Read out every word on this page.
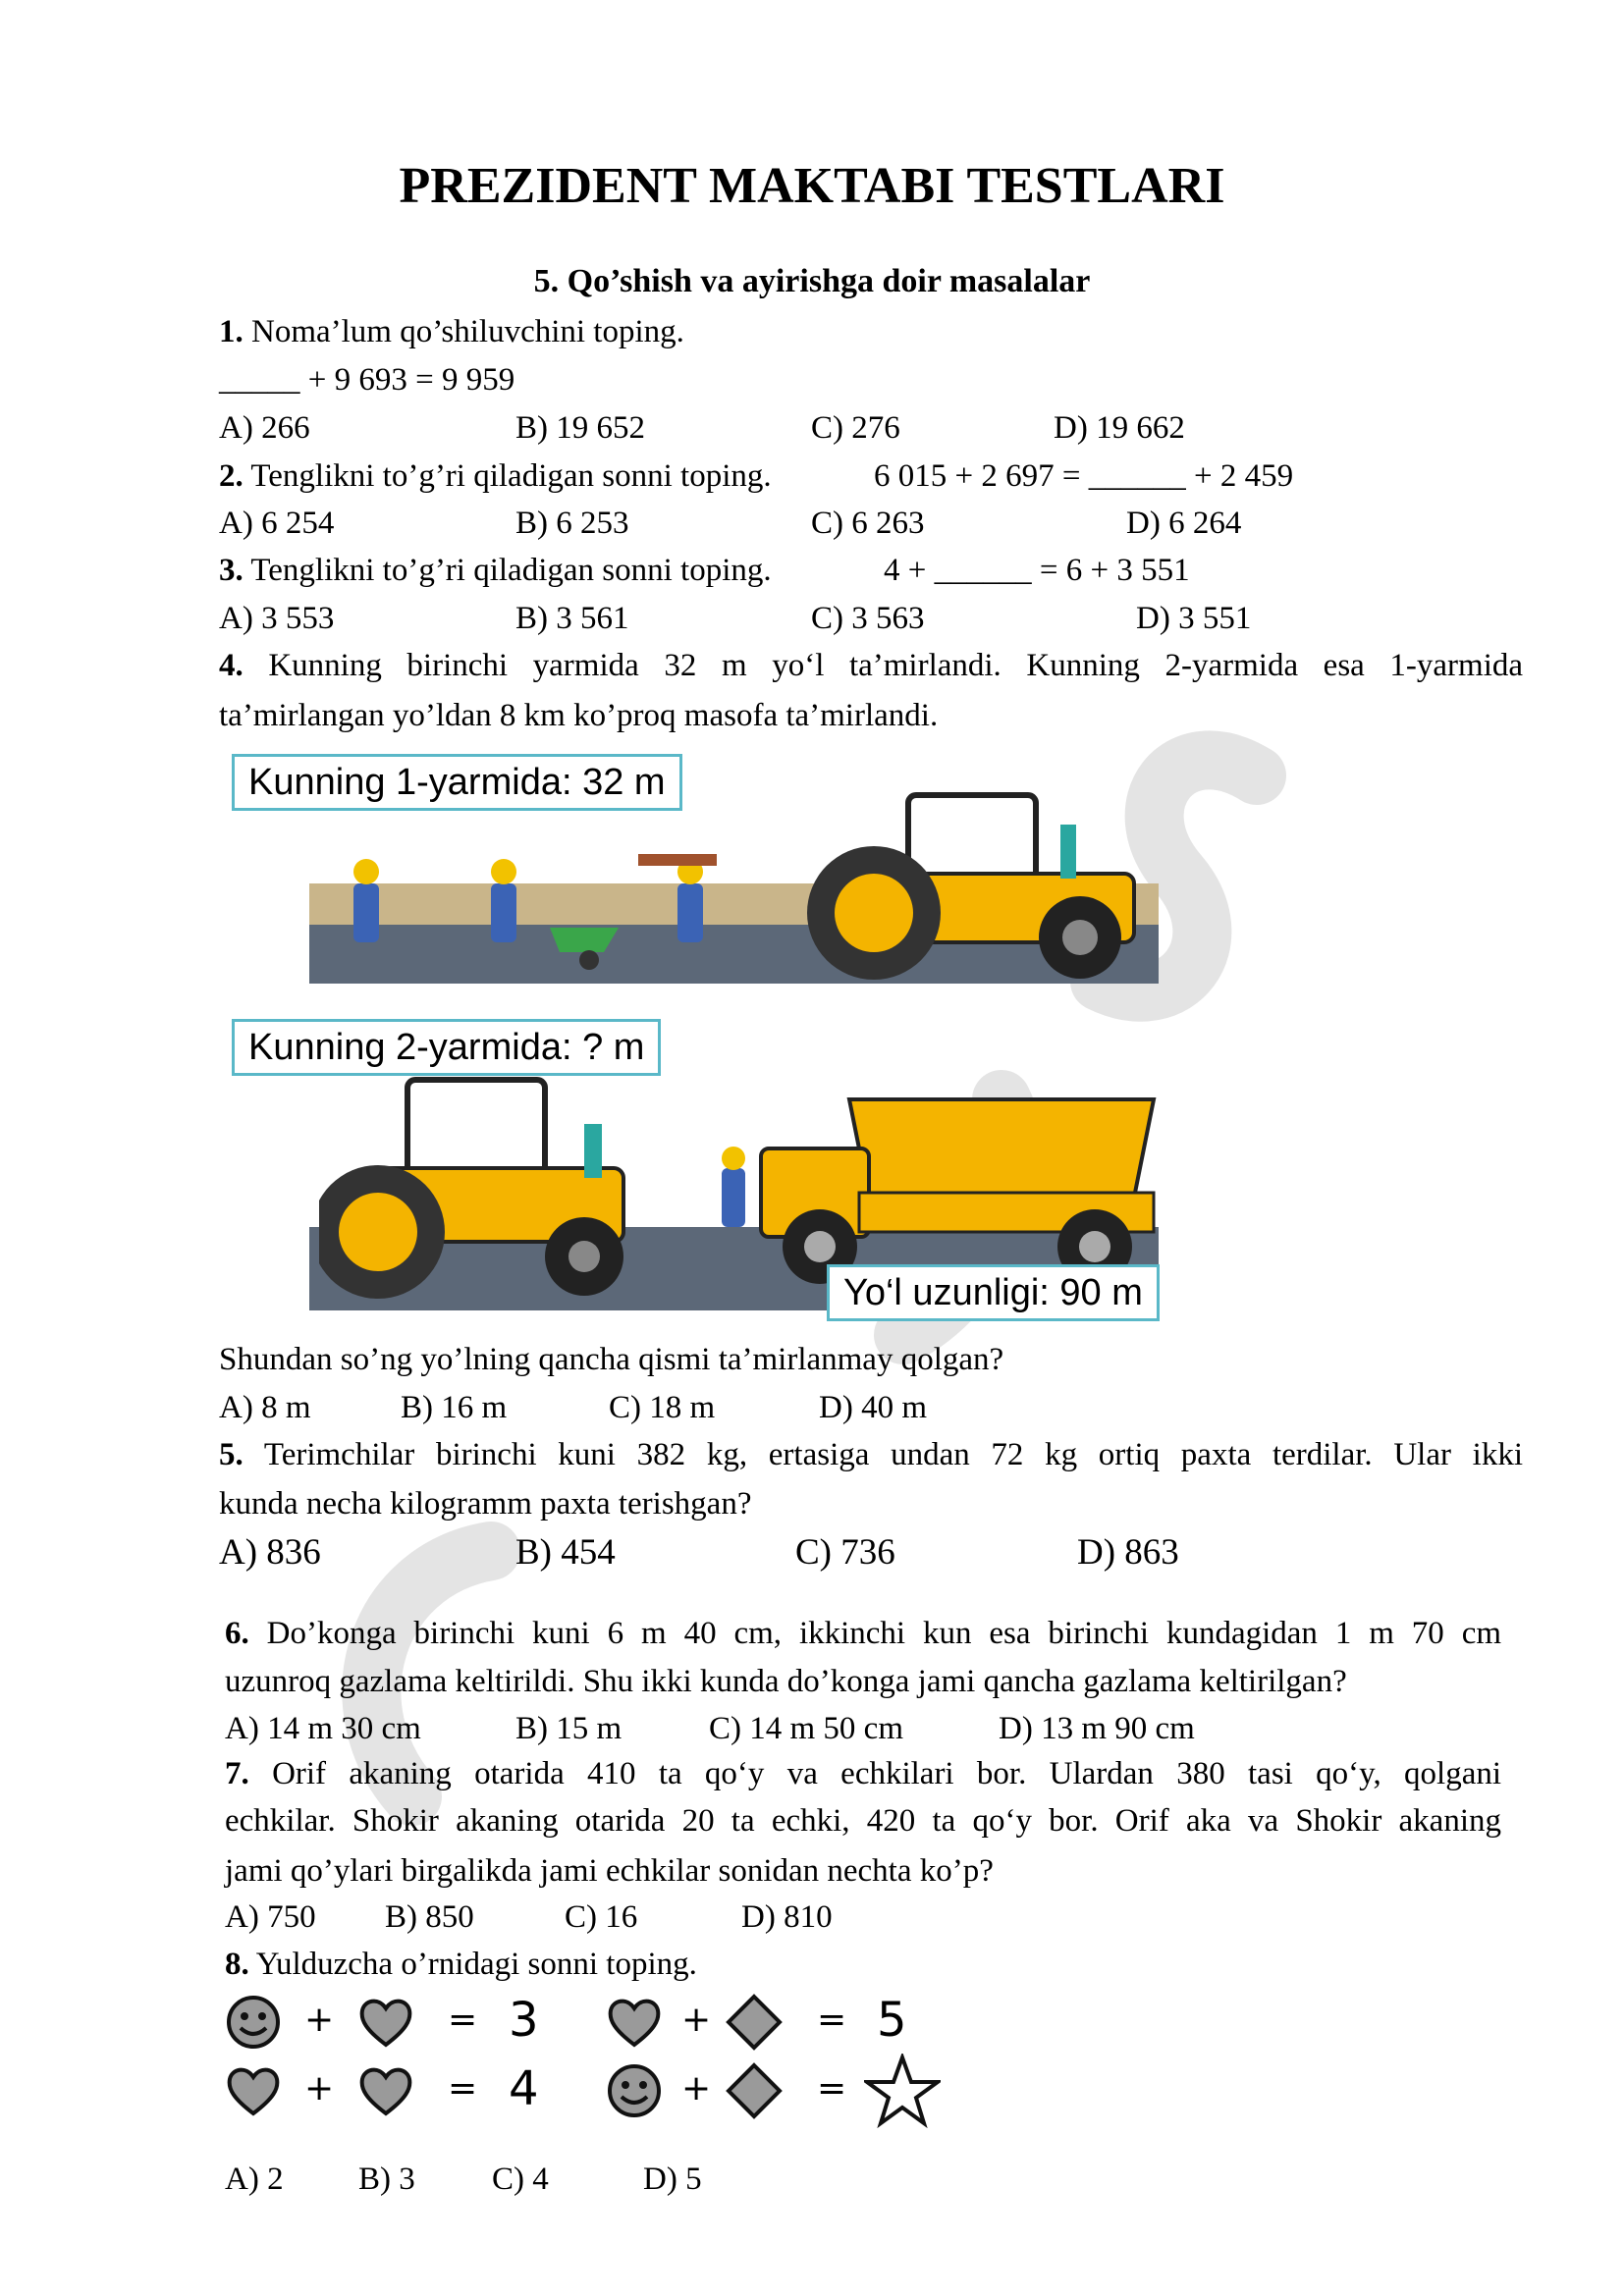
PREZIDENT MAKTABI TESTLARI
5. Qo’shish va ayirishga doir masalalar
1. Noma’lum qo’shiluvchini toping.
_____ + 9 693 = 9 959
A) 266	B) 19 652	C) 276	D) 19 662
2. Tenglikni to’g’ri qiladigan sonni toping.	6 015 + 2 697 = ______ + 2 459
A) 6 254	B) 6 253	C) 6 263	D) 6 264
3. Tenglikni to’g’ri qiladigan sonni toping.	4 + ______ = 6 + 3 551
A) 3 553	B) 3 561	C) 3 563	D) 3 551
4. Kunning birinchi yarmida 32 m yo‘l ta’mirlandi. Kunning 2-yarmida esa 1-yarmida
ta’mirlangan yo’ldan 8 km ko’proq masofa ta’mirlandi.
Kunning 1-yarmida: 32 m
Kunning 2-yarmida: ? m
Yo‘l uzunligi: 90 m
Shundan so’ng yo’lning qancha qismi ta’mirlanmay qolgan?
A) 8 m	B) 16 m	C) 18 m	D) 40 m
5. Terimchilar birinchi kuni 382 kg, ertasiga undan 72 kg ortiq paxta terdilar. Ular ikki
kunda necha kilogramm paxta terishgan?
A) 836	B) 454	C) 736	D) 863
6. Do’konga birinchi kuni 6 m 40 cm, ikkinchi kun esa birinchi kundagidan 1 m 70 cm
uzunroq gazlama keltirildi. Shu ikki kunda do’konga jami qancha gazlama keltirilgan?
A) 14 m 30 cm	B) 15 m	C) 14 m 50 cm	D) 13 m 90 cm
7. Orif akaning otarida 410 ta qo‘y va echkilari bor. Ulardan 380 tasi qo‘y, qolgani
echkilar. Shokir akaning otarida 20 ta echki, 420 ta qo‘y bor. Orif aka va Shokir akaning
jami qo’ylari birgalikda jami echkilar sonidan nechta ko’p?
A) 750 B) 850	C) 16	D) 810
8. Yulduzcha o’rnidagi sonni toping.
+	= 3	+	= 5
+	= 4	+	=
A) 2 B) 3 C) 4	D) 5
